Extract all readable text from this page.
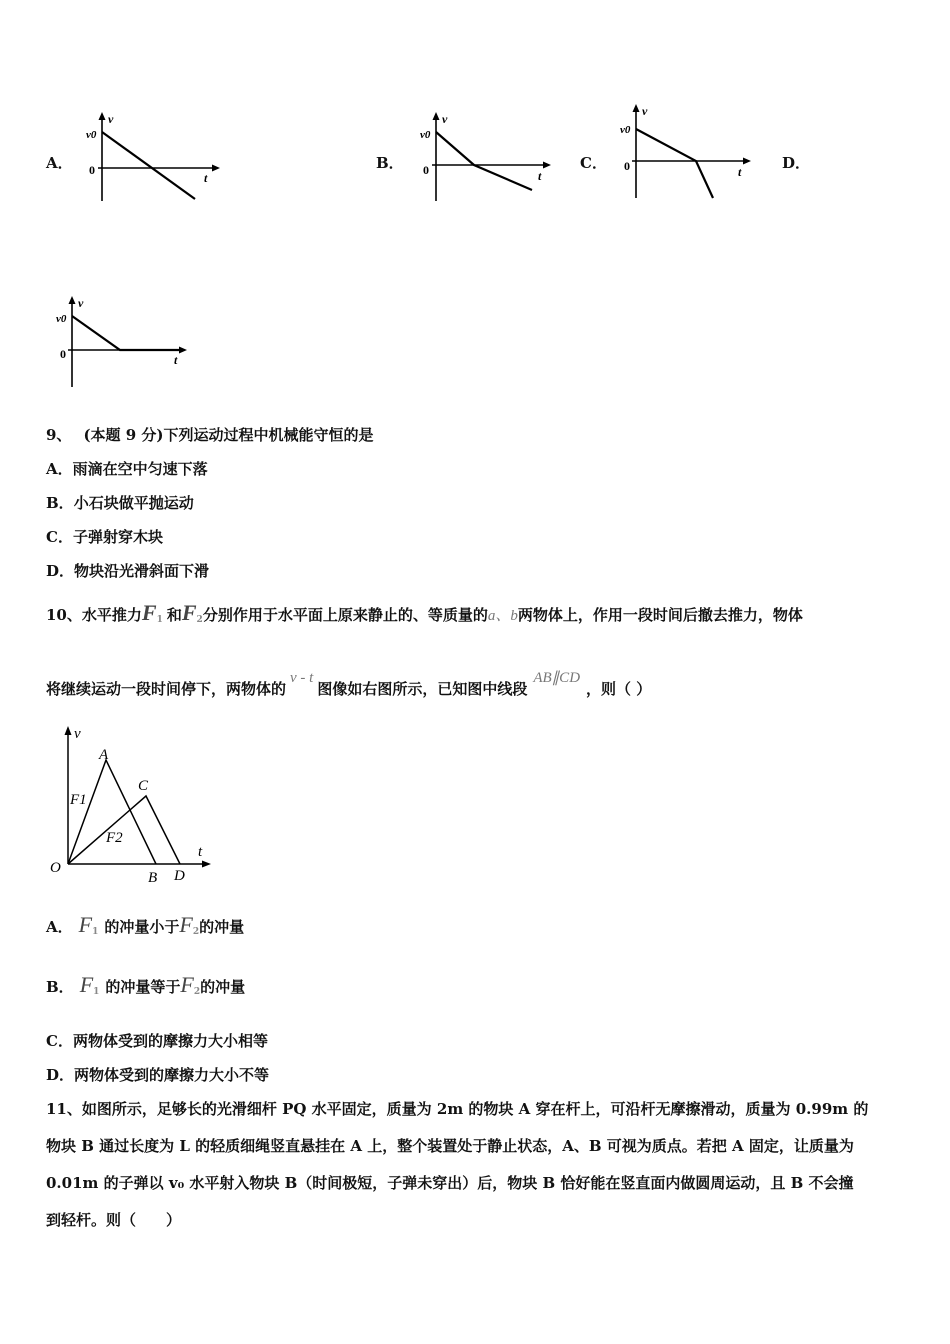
A．
v
v0
0
t
B．
v
v0
0	t
C．
v
v0
0	t	D．
v
v0
0	t
9、 (本题 9 分)下列运动过程中机械能守恒的是
A．雨滴在空中匀速下落
B．小石块做平抛运动
C．子弹射穿木块
D．物块沿光滑斜面下滑
10、水平推力$F_1$ 和$F_2$分别作用于水平面上原来静止的、等质量的a、b两物体上，作用一段时间后撤去推力，物体
将继续运动一段时间停下，两物体的v - t图像如右图所示，已知图中线段AB∥CD，则（ ）
v
t
A
C
F1
F2
O
B D
A． $F_1$ 的冲量小于$F_2$的冲量
B． $F_1$ 的冲量等于$F_2$的冲量
C．两物体受到的摩擦力大小相等
D．两物体受到的摩擦力大小不等
11、如图所示，足够长的光滑细杆 PQ 水平固定，质量为 2m 的物块 A 穿在杆上，可沿杆无摩擦滑动，质量为 0.99m 的
物块 B 通过长度为 L 的轻质细绳竖直悬挂在 A 上，整个装置处于静止状态，A、B 可视为质点。若把 A 固定，让质量为
0.01m 的子弹以 v₀ 水平射入物块 B（时间极短，子弹未穿出）后，物块 B 恰好能在竖直面内做圆周运动，且 B 不会撞
到轻杆。则（　　）
